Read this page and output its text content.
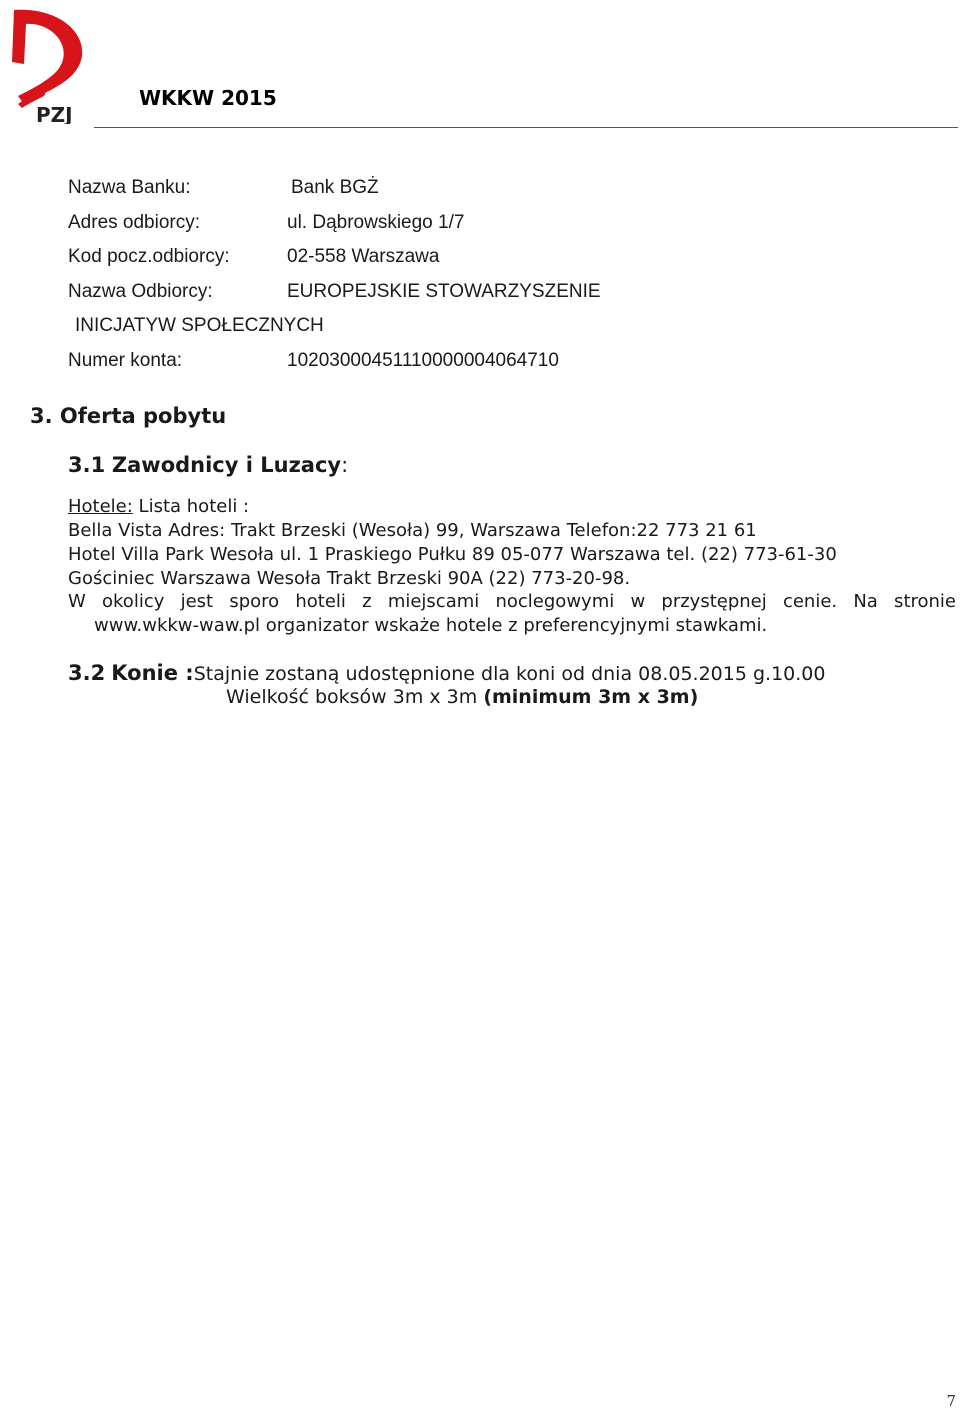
PZJ
WKKW 2015
Nazwa Banku:	Bank BGŻ
Adres odbiorcy:	ul. Dąbrowskiego 1/7
Kod pocz.odbiorcy:	02-558 Warszawa
Nazwa Odbiorcy:	EUROPEJSKIE STOWARZYSZENIE
INICJATYW SPOŁECZNYCH
Numer konta:	10203000451110000004064710
3. Oferta pobytu
3.1 Zawodnicy i Luzacy:
Hotele: Lista hoteli :
Bella Vista Adres: Trakt Brzeski (Wesoła) 99, Warszawa Telefon:22 773 21 61
Hotel Villa Park Wesoła ul. 1 Praskiego Pułku 89 05-077 Warszawa tel. (22) 773-61-30
Gościniec Warszawa Wesoła Trakt Brzeski 90A (22) 773-20-98.
W okolicy jest sporo hoteli z miejscami noclegowymi w przystępnej cenie. Na stronie
www.wkkw-waw.pl organizator wskaże hotele z preferencyjnymi stawkami.
3.2 Konie :Stajnie zostaną udostępnione dla koni od dnia 08.05.2015 g.10.00
Wielkość boksów 3m x 3m (minimum 3m x 3m)
7
